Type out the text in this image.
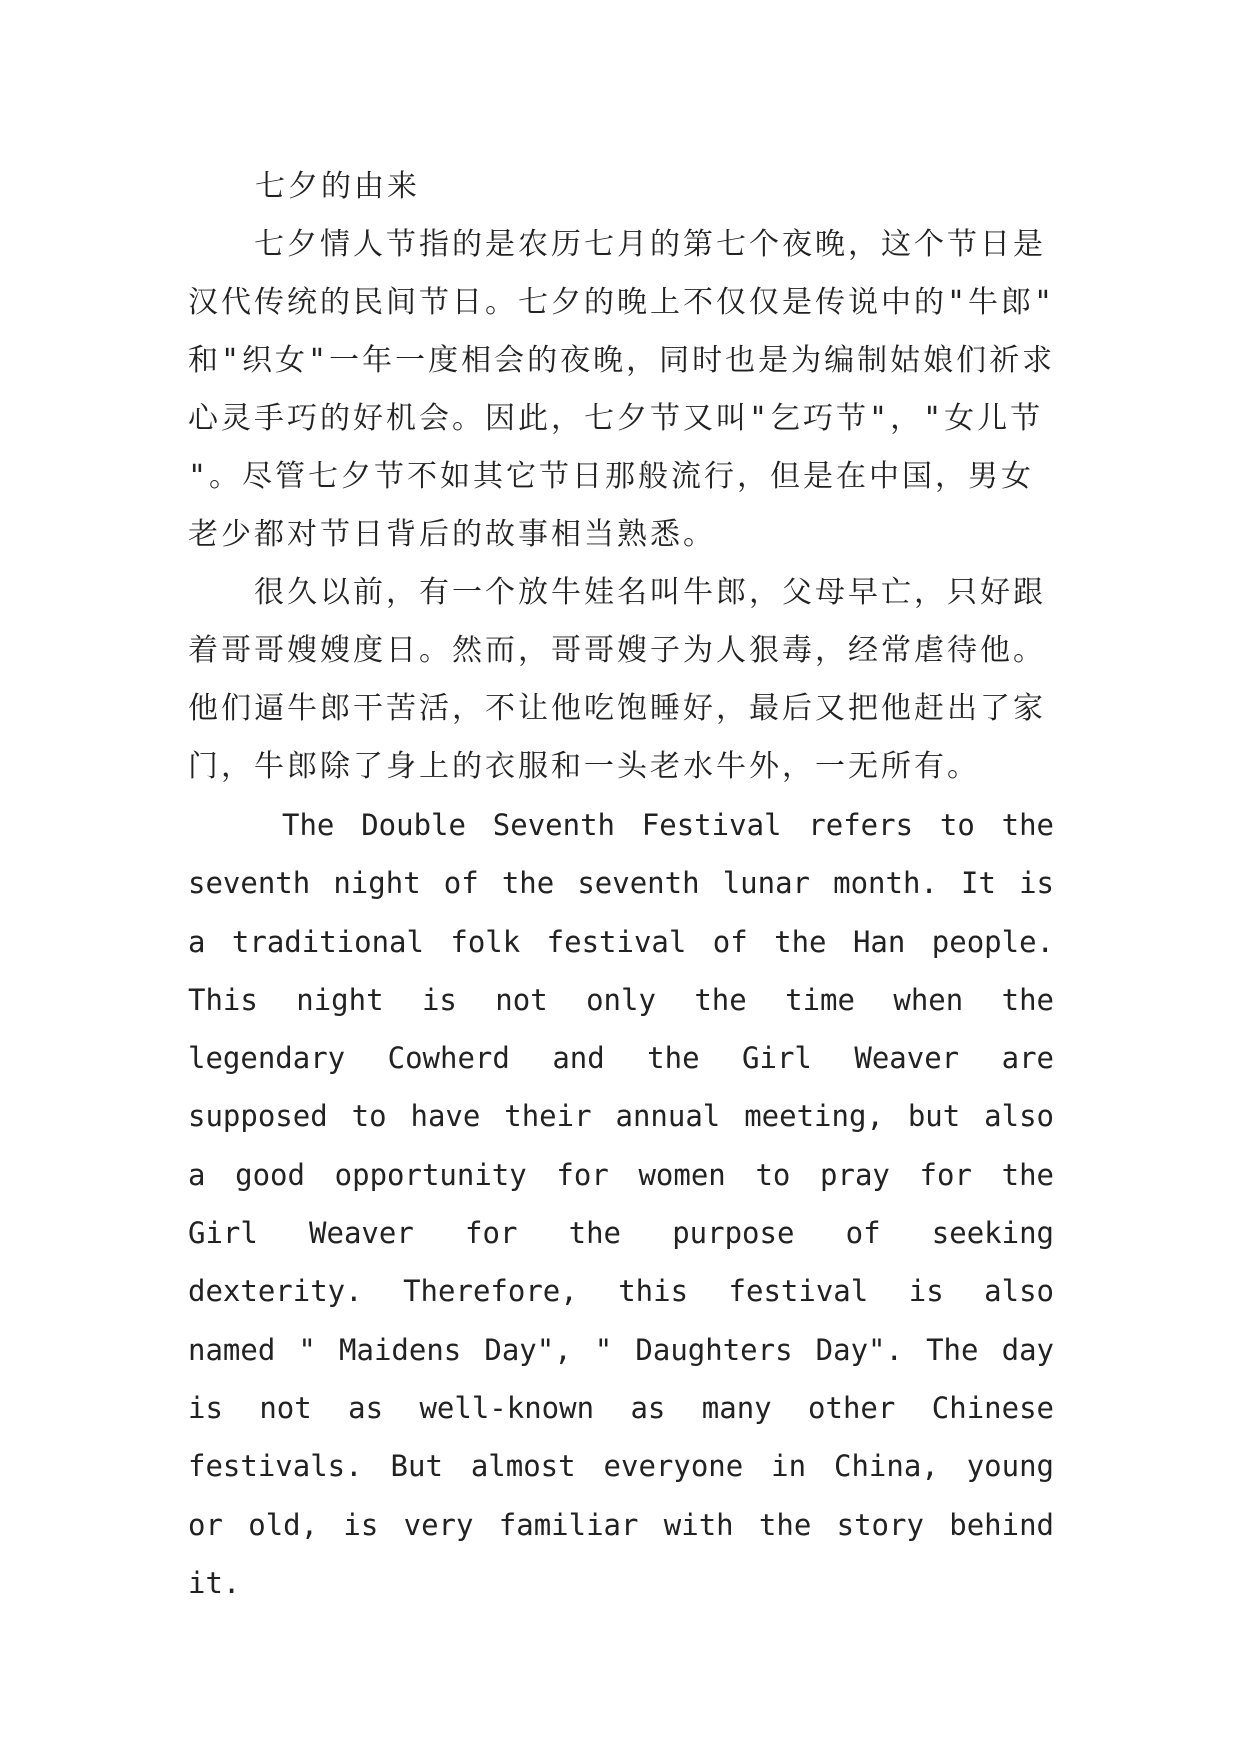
七夕的由来

　　七夕情人节指的是农历七月的第七个夜晚，这个节日是
汉代传统的民间节日。七夕的晚上不仅仅是传说中的"牛郎"
和"织女"一年一度相会的夜晚，同时也是为编制姑娘们祈求
心灵手巧的好机会。因此，七夕节又叫"乞巧节"，"女儿节
"。尽管七夕节不如其它节日那般流行，但是在中国，男女
老少都对节日背后的故事相当熟悉。

　　很久以前，有一个放牛娃名叫牛郎，父母早亡，只好跟
着哥哥嫂嫂度日。然而，哥哥嫂子为人狠毒，经常虐待他。
他们逼牛郎干苦活，不让他吃饱睡好，最后又把他赶出了家
门，牛郎除了身上的衣服和一头老水牛外，一无所有。

The Double Seventh Festival refers to the seventh night of the seventh lunar month. It is a traditional folk festival of the Han people. This night is not only the time when the legendary Cowherd and the Girl Weaver are supposed to have their annual meeting, but also a good opportunity for women to pray for the Girl Weaver for the purpose of seeking dexterity. Therefore, this festival is also named " Maidens Day", " Daughters Day". The day is not as well-known as many other Chinese festivals. But almost everyone in China, young or old, is very familiar with the story behind it.
